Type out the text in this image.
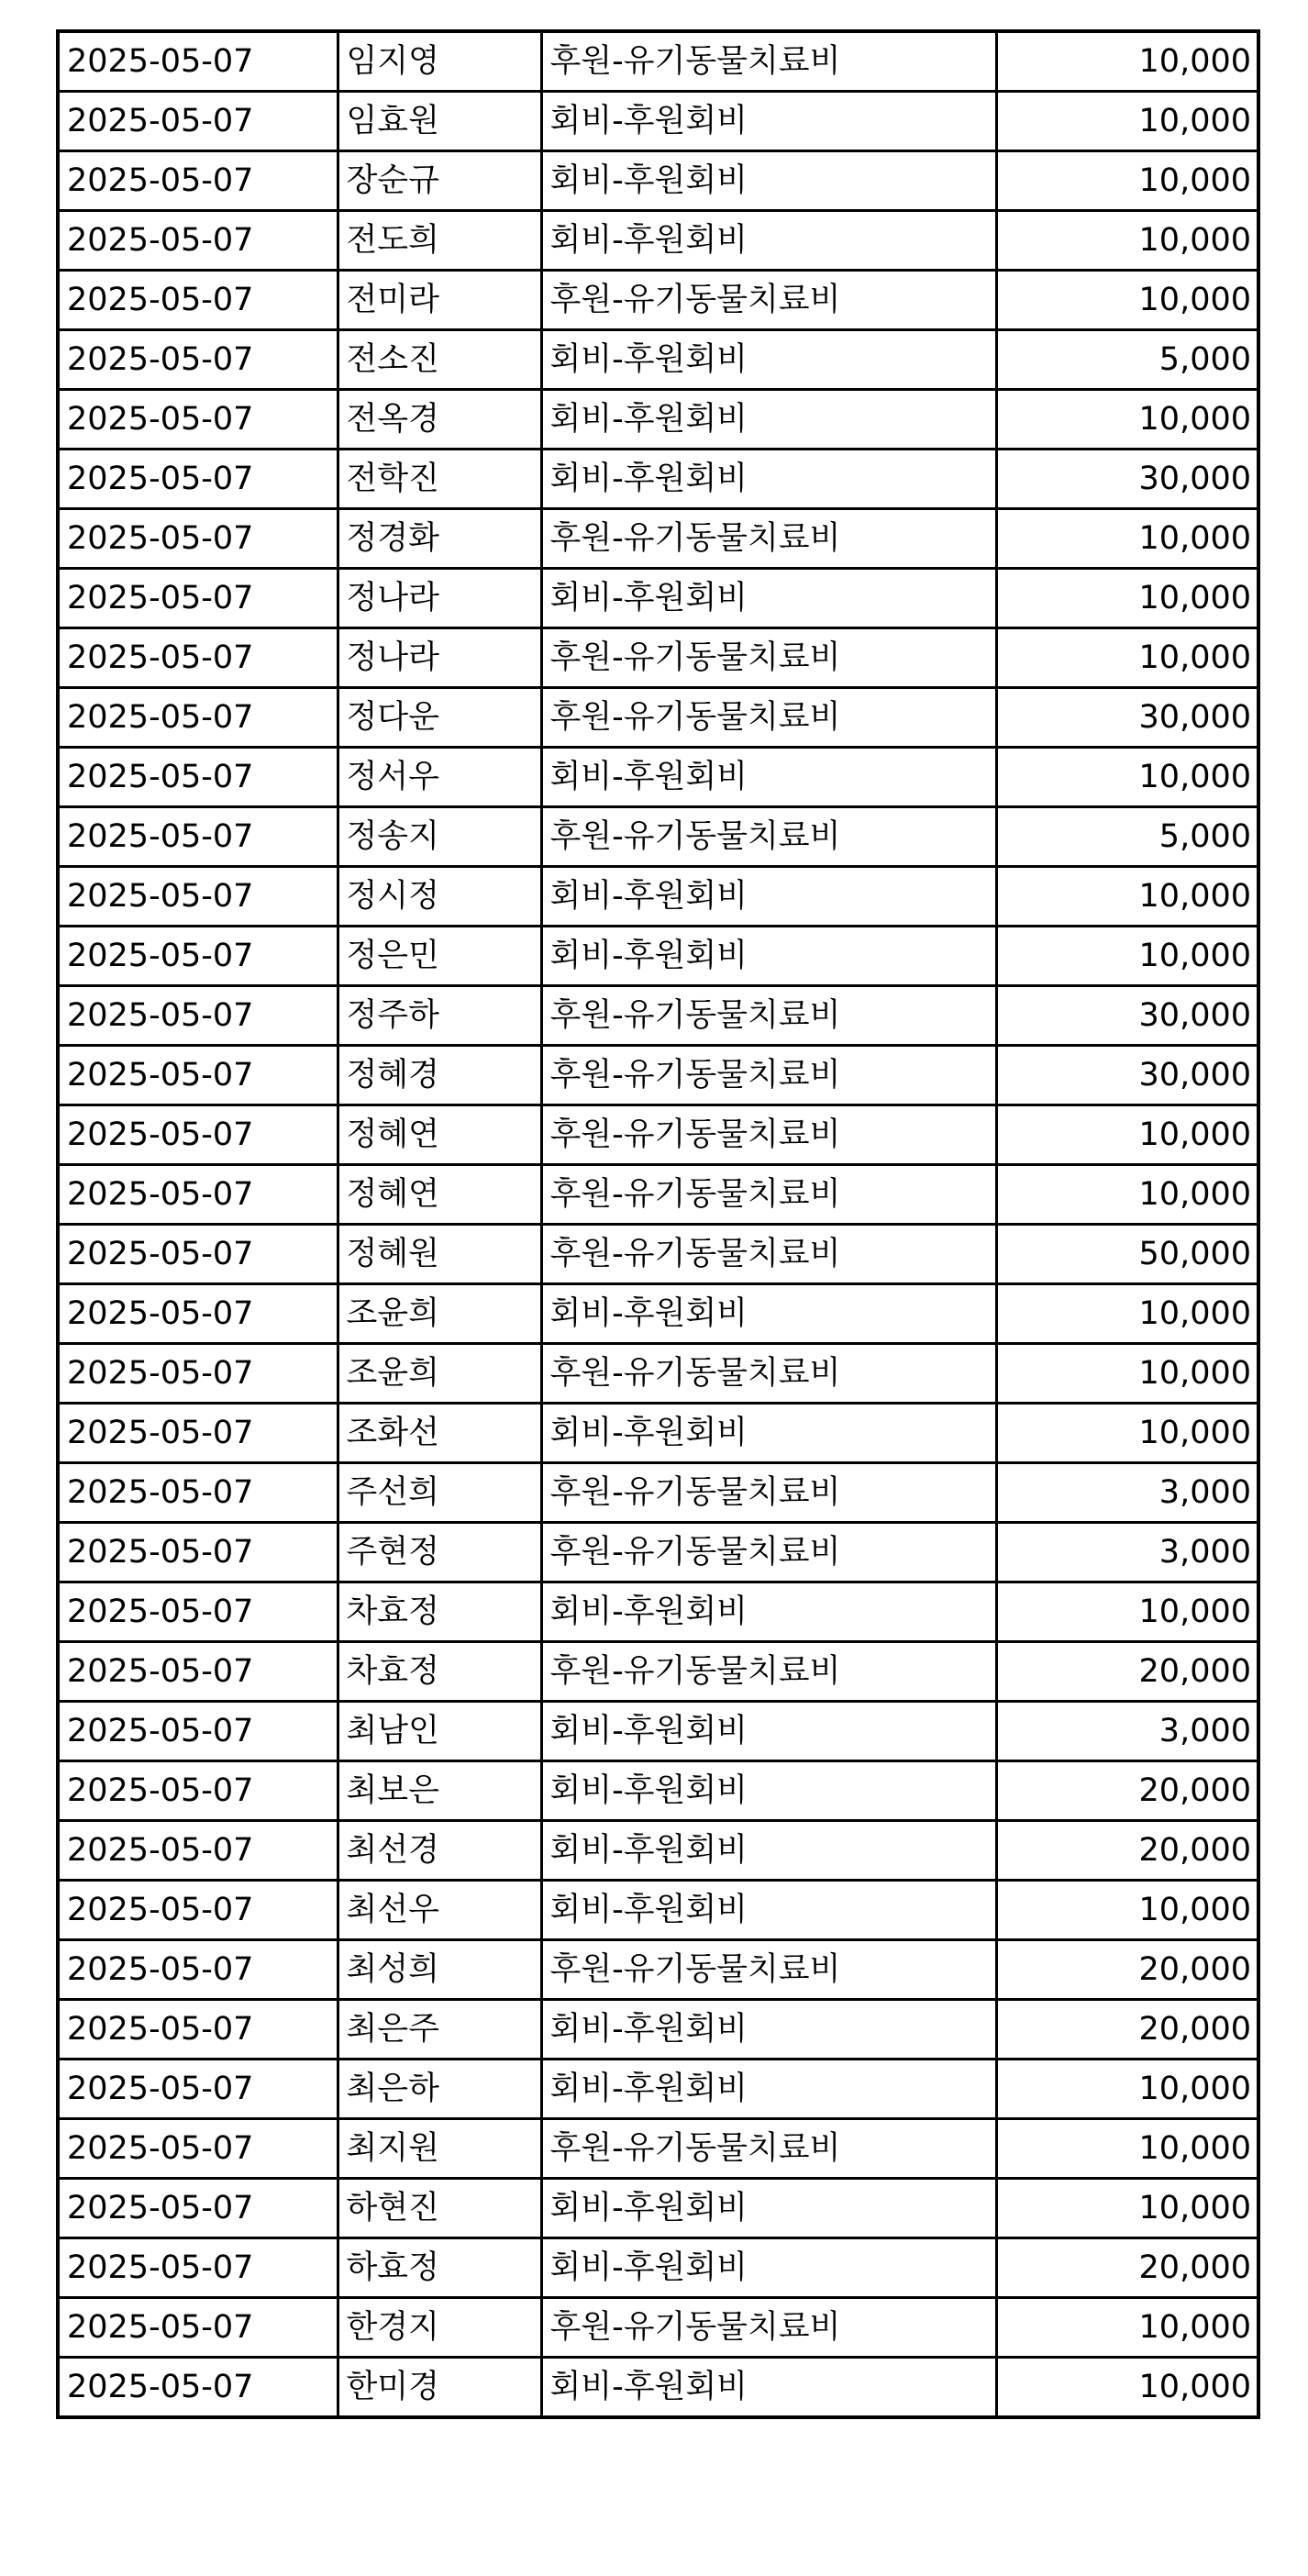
2025-05-07	임지영	후원-유기동물치료비	10,000
2025-05-07	임효원	회비-후원회비	10,000
2025-05-07	장순규	회비-후원회비	10,000
2025-05-07	전도희	회비-후원회비	10,000
2025-05-07	전미라	후원-유기동물치료비	10,000
2025-05-07	전소진	회비-후원회비	5,000
2025-05-07	전옥경	회비-후원회비	10,000
2025-05-07	전학진	회비-후원회비	30,000
2025-05-07	정경화	후원-유기동물치료비	10,000
2025-05-07	정나라	회비-후원회비	10,000
2025-05-07	정나라	후원-유기동물치료비	10,000
2025-05-07	정다운	후원-유기동물치료비	30,000
2025-05-07	정서우	회비-후원회비	10,000
2025-05-07	정송지	후원-유기동물치료비	5,000
2025-05-07	정시정	회비-후원회비	10,000
2025-05-07	정은민	회비-후원회비	10,000
2025-05-07	정주하	후원-유기동물치료비	30,000
2025-05-07	정혜경	후원-유기동물치료비	30,000
2025-05-07	정혜연	후원-유기동물치료비	10,000
2025-05-07	정혜연	후원-유기동물치료비	10,000
2025-05-07	정혜원	후원-유기동물치료비	50,000
2025-05-07	조윤희	회비-후원회비	10,000
2025-05-07	조윤희	후원-유기동물치료비	10,000
2025-05-07	조화선	회비-후원회비	10,000
2025-05-07	주선희	후원-유기동물치료비	3,000
2025-05-07	주현정	후원-유기동물치료비	3,000
2025-05-07	차효정	회비-후원회비	10,000
2025-05-07	차효정	후원-유기동물치료비	20,000
2025-05-07	최남인	회비-후원회비	3,000
2025-05-07	최보은	회비-후원회비	20,000
2025-05-07	최선경	회비-후원회비	20,000
2025-05-07	최선우	회비-후원회비	10,000
2025-05-07	최성희	후원-유기동물치료비	20,000
2025-05-07	최은주	회비-후원회비	20,000
2025-05-07	최은하	회비-후원회비	10,000
2025-05-07	최지원	후원-유기동물치료비	10,000
2025-05-07	하현진	회비-후원회비	10,000
2025-05-07	하효정	회비-후원회비	20,000
2025-05-07	한경지	후원-유기동물치료비	10,000
2025-05-07	한미경	회비-후원회비	10,000
